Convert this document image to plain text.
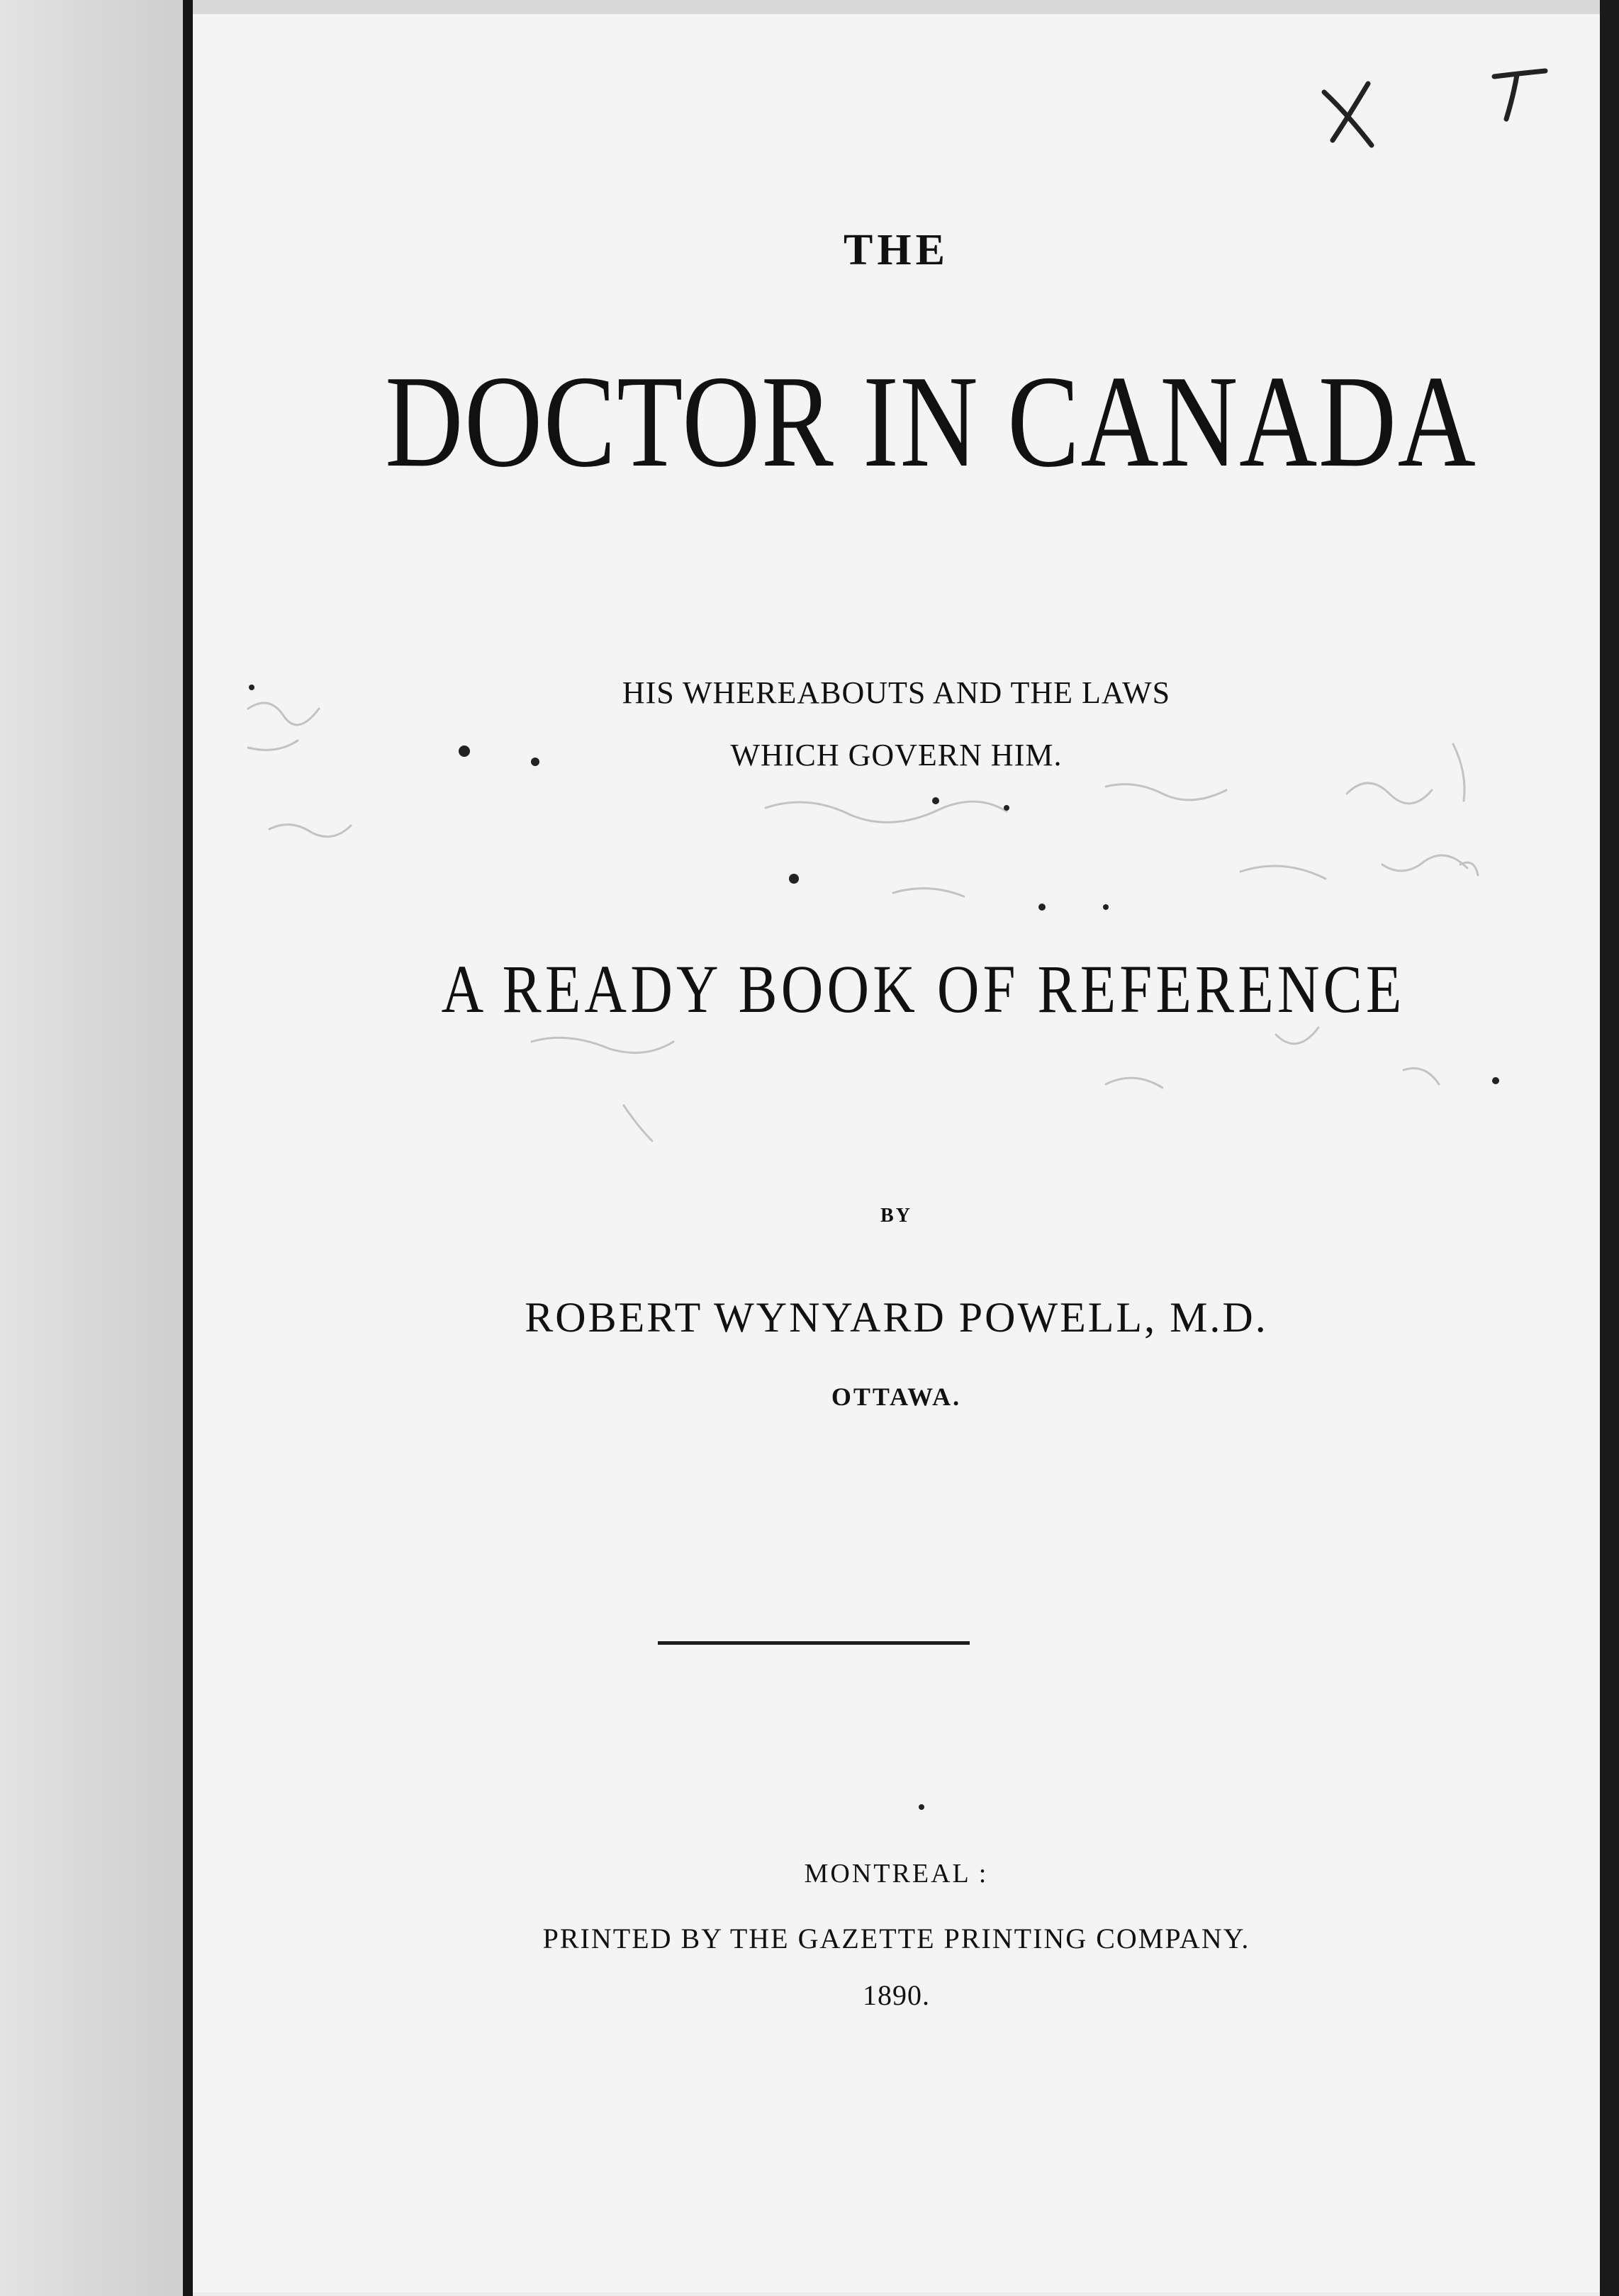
THE
DOCTOR IN CANADA
HIS WHEREABOUTS AND THE LAWS
WHICH GOVERN HIM.
A READY BOOK OF REFERENCE
BY
ROBERT WYNYARD POWELL, M.D.
OTTAWA.
MONTREAL :
PRINTED BY THE GAZETTE PRINTING COMPANY.
1890.
